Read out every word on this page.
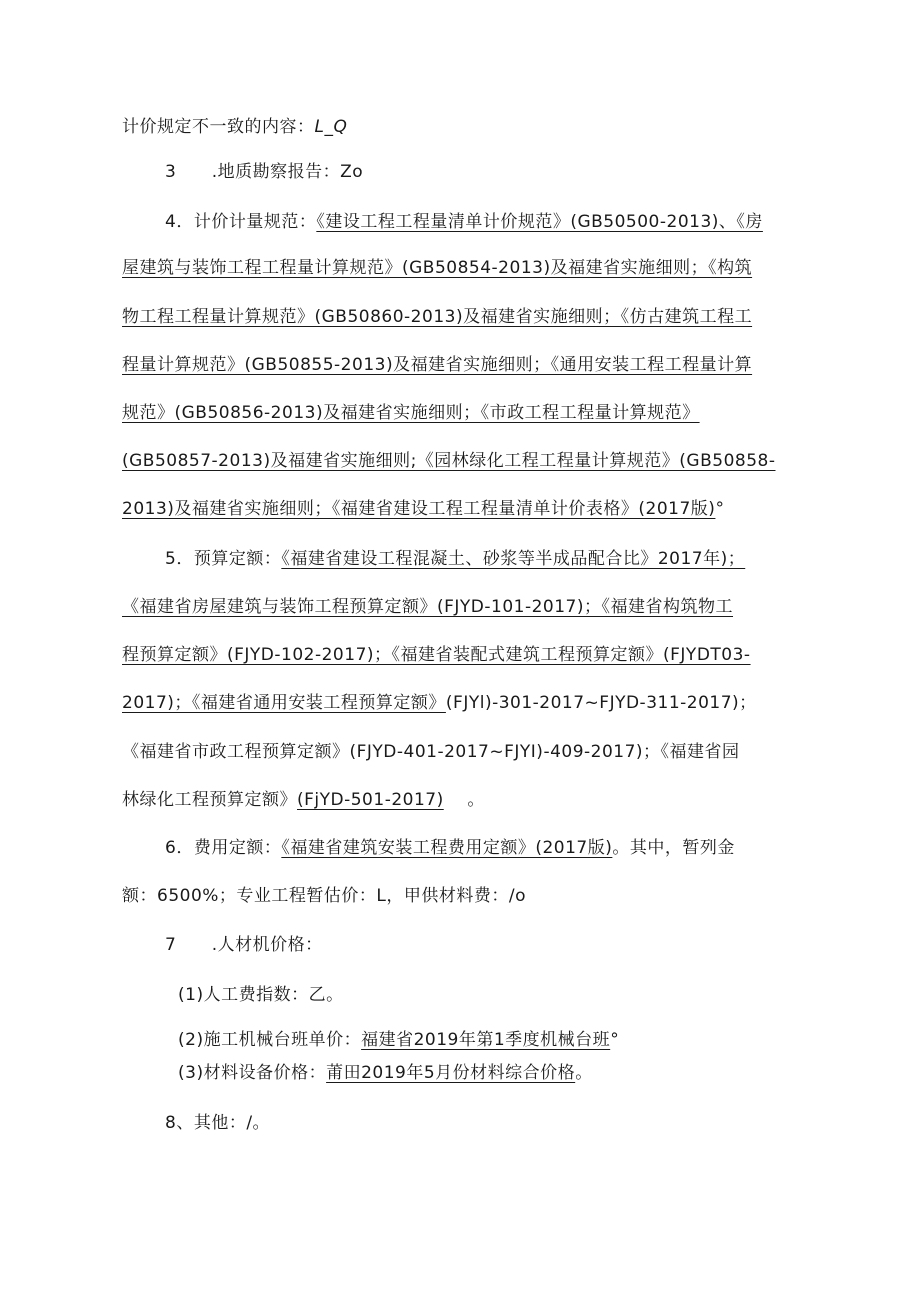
计价规定不一致的内容：L_Q
3      .地质勘察报告：Zo
4．计价计量规范：《建设工程工程量清单计价规范》(GB50500-2013)、《房
屋建筑与装饰工程工程量计算规范》(GB50854-2013)及福建省实施细则；《构筑
物工程工程量计算规范》(GB50860-2013)及福建省实施细则；《仿古建筑工程工
程量计算规范》(GB50855-2013)及福建省实施细则；《通用安装工程工程量计算
规范》(GB50856-2013)及福建省实施细则；《市政工程工程量计算规范》
(GB50857-2013)及福建省实施细则;《园林绿化工程工程量计算规范》(GB50858-
2013)及福建省实施细则；《福建省建设工程工程量清单计价表格》(2017版)°
5．预算定额：《福建省建设工程混凝土、砂浆等半成品配合比》2017年)；
《福建省房屋建筑与装饰工程预算定额》(FJYD-101-2017)；《福建省构筑物工
程预算定额》(FJYD-102-2017)；《福建省装配式建筑工程预算定额》(FJYDT03-
2017)；《福建省通用安装工程预算定额》(FJYl)-301-2017~FJYD-311-2017)；
《福建省市政工程预算定额》(FJYD-401-2017~FJYI)-409-2017)；《福建省园
林绿化工程预算定额》(FjYD-501-2017)    。
6．费用定额：《福建省建筑安装工程费用定额》(2017版)。其中，暂列金
额：6500%；专业工程暂估价：L，甲供材料费：/o
7      .人材机价格：
(1)人工费指数：乙。
(2)施工机械台班单价：福建省2019年第1季度机械台班°
(3)材料设备价格：莆田2019年5月份材料综合价格。
8、其他：/。
